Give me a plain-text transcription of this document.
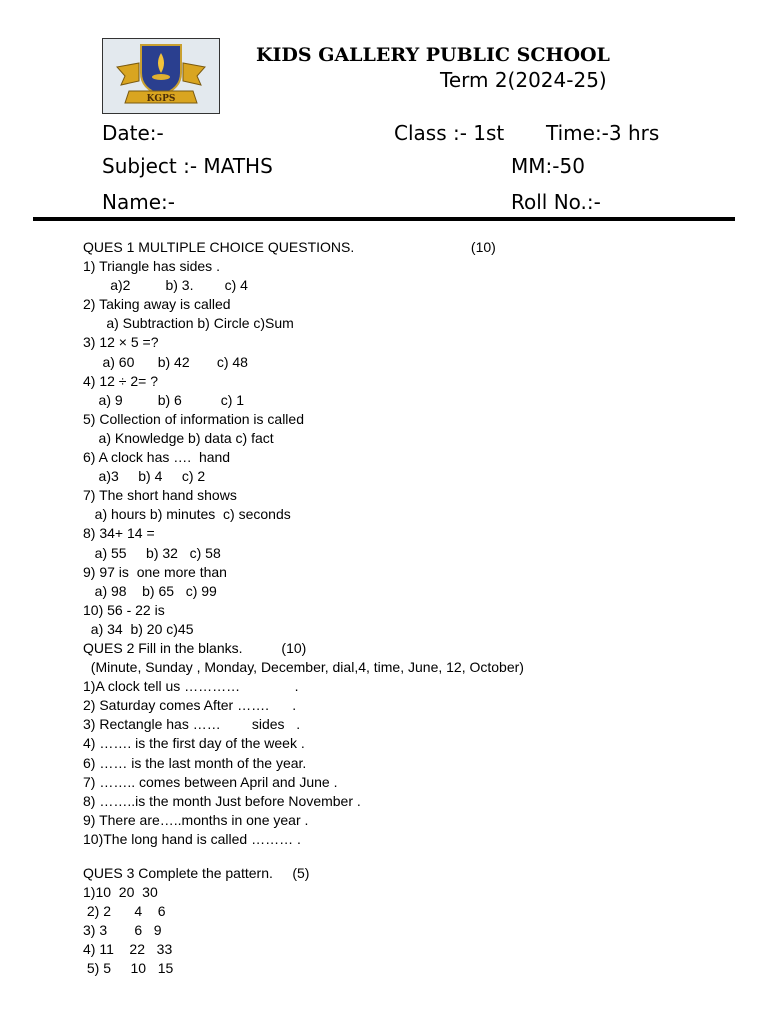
KGPS
KIDS GALLERY PUBLIC SCHOOL
Term 2(2024-25)
Date:-	Class :- 1st Time:-3 hrs
Subject :- MATHS	MM:-50
Name:-	Roll No.:-
QUES 1 MULTIPLE CHOICE QUESTIONS.                              (10)
1) Triangle has sides .
a)2         b) 3.        c) 4
2) Taking away is called
a) Subtraction b) Circle c)Sum
3) 12 × 5 =?
a) 60      b) 42       c) 48
4) 12 ÷ 2= ?
a) 9         b) 6          c) 1
5) Collection of information is called
a) Knowledge b) data c) fact
6) A clock has ….  hand
a)3     b) 4     c) 2
7) The short hand shows
a) hours b) minutes  c) seconds
8) 34+ 14 =
a) 55     b) 32   c) 58
9) 97 is  one more than
a) 98    b) 65   c) 99
10) 56 - 22 is
a) 34  b) 20 c)45
QUES 2 Fill in the blanks.          (10)
(Minute, Sunday , Monday, December, dial,4, time, June, 12, October)
1)A clock tell us …………              .
2) Saturday comes After …….      .
3) Rectangle has ……        sides   .
4) ……. is the first day of the week .
6) …… is the last month of the year.
7) …….. comes between April and June .
8) ……..is the month Just before November .
9) There are…..months in one year .
10)The long hand is called ……… .
QUES 3 Complete the pattern.     (5)
1)10  20  30
2) 2      4    6
3) 3       6   9
4) 11    22   33
5) 5     10   15
